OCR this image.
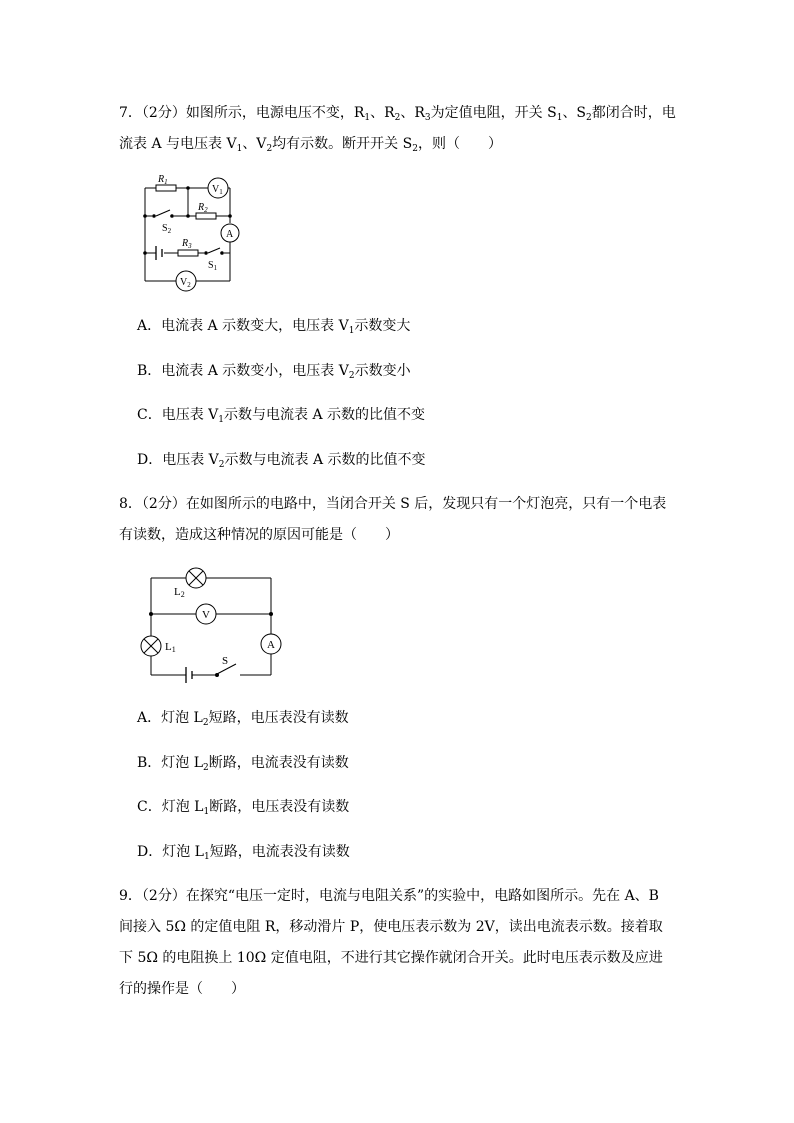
7．（2分）如图所示，电源电压不变，$R_1$、$R_2$、$R_3$为定值电阻，开关 $S_1$、$S_2$都闭合时，电
流表 A 与电压表 $V_1$、$V_2$均有示数。断开开关 $S_2$，则（　　）
$R_1$
$R_2$
$R_3$
$V_1$
$V_2$
A
$S_2$
$S_1$
A．电流表 A 示数变大，电压表 $V_1$示数变大
B．电流表 A 示数变小，电压表 $V_2$示数变小
C．电压表 $V_1$示数与电流表 A 示数的比值不变
D．电压表 $V_2$示数与电流表 A 示数的比值不变
8．（2分）在如图所示的电路中，当闭合开关 S 后，发现只有一个灯泡亮，只有一个电表
有读数，造成这种情况的原因可能是（　　）
L2
V
L1	A
S
A．灯泡 $L_2$短路，电压表没有读数
B．灯泡 $L_2$断路，电流表没有读数
C．灯泡 $L_1$断路，电压表没有读数
D．灯泡 $L_1$短路，电流表没有读数
9．（2分）在探究“电压一定时，电流与电阻关系”的实验中，电路如图所示。先在 A、B
间接入 5Ω 的定值电阻 R，移动滑片 P，使电压表示数为 2V，读出电流表示数。接着取
下 5Ω 的电阻换上 10Ω 定值电阻，不进行其它操作就闭合开关。此时电压表示数及应进
行的操作是（　　）
